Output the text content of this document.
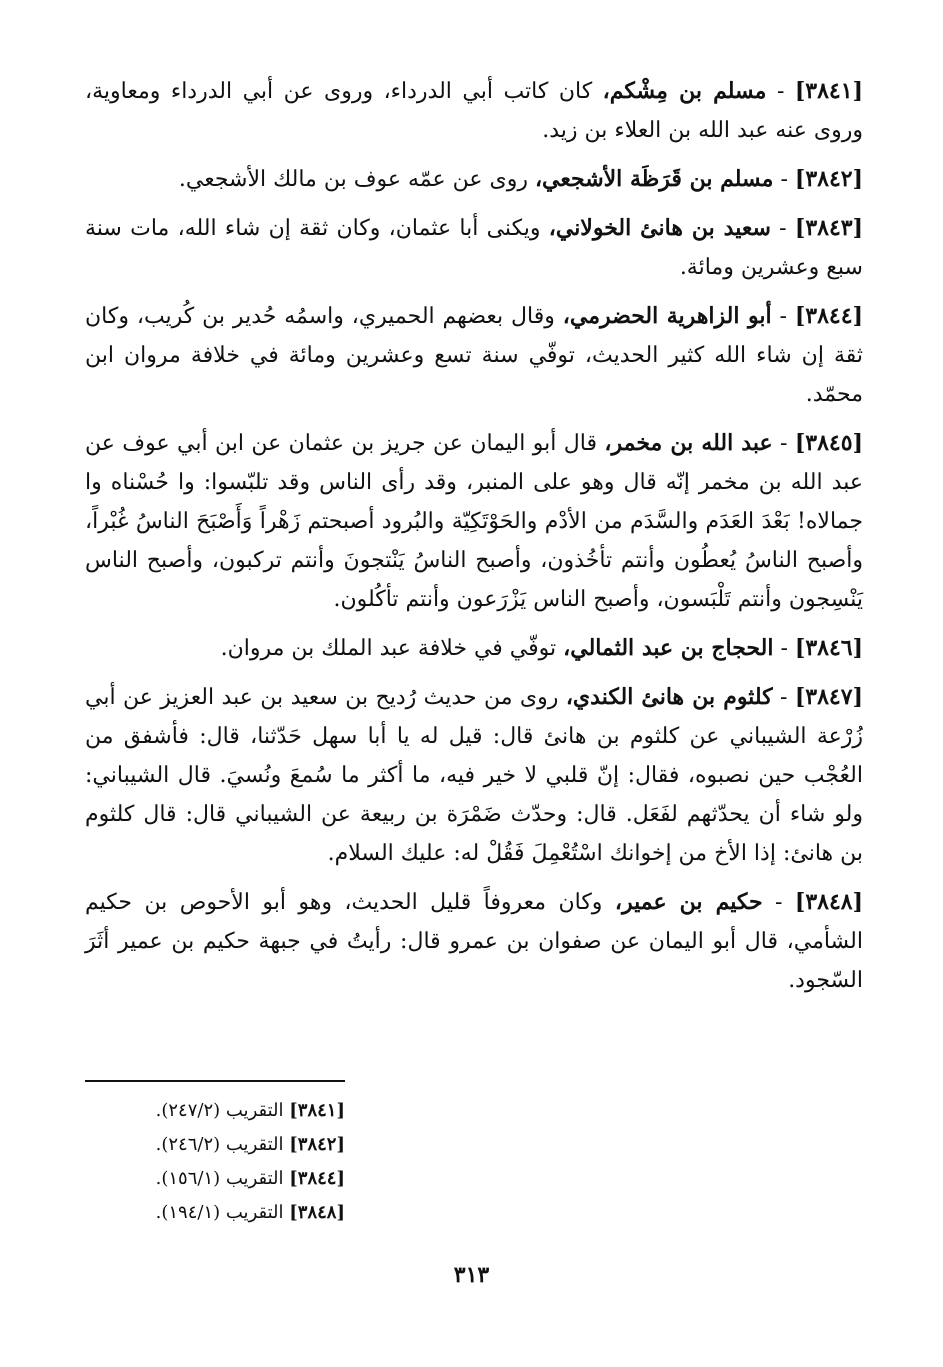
[٣٨٤١] - مسلم بن مِشْكم، كان كاتب أبي الدرداء، وروى عن أبي الدرداء ومعاوية، وروى عنه عبد الله بن العلاء بن زيد.

[٣٨٤٢] - مسلم بن قَرَظَة الأشجعي، روى عن عمّه عوف بن مالك الأشجعي.

[٣٨٤٣] - سعيد بن هانئ الخولاني، ويكنى أبا عثمان، وكان ثقة إن شاء الله، مات سنة سبع وعشرين ومائة.

[٣٨٤٤] - أبو الزاهرية الحضرمي، وقال بعضهم الحميري، واسمُه حُدير بن كُريب، وكان ثقة إن شاء الله كثير الحديث، توفّي سنة تسع وعشرين ومائة في خلافة مروان ابن محمّد.

[٣٨٤٥] - عبد الله بن مخمر، قال أبو اليمان عن جريز بن عثمان عن ابن أبي عوف عن عبد الله بن مخمر إنّه قال وهو على المنبر، وقد رأى الناس وقد تلبّسوا: وا حُسْناه وا جمالاه! بَعْدَ العَدَم والسَّدَم من الأدْم والحَوْتَكِيّة والبُرود أصبحتم زَهْراً وَأَصْبَحَ الناسُ غُبْراً، وأصبح الناسُ يُعطُون وأنتم تأخُذون، وأصبح الناسُ يَنْتجونَ وأنتم تركبون، وأصبح الناس يَنْسِجون وأنتم تَلْبَسون، وأصبح الناس يَزْرَعون وأنتم تأكُلون.

[٣٨٤٦] - الحجاج بن عبد الثمالي، توفّي في خلافة عبد الملك بن مروان.

[٣٨٤٧] - كلثوم بن هانئ الكندي، روى من حديث رُديح بن سعيد بن عبد العزيز عن أبي زُرْعة الشيباني عن كلثوم بن هانئ قال: قيل له يا أبا سهل حَدّثنا، قال: فأشفق من العُجْب حين نصبوه، فقال: إنّ قلبي لا خير فيه، ما أكثر ما سُمعَ ونُسيَ. قال الشيباني: ولو شاء أن يحدّثهم لفَعَل. قال: وحدّث ضَمْرَة بن ربيعة عن الشيباني قال: قال كلثوم بن هانئ: إذا الأخ من إخوانك اسْتُعْمِلَ فَقُلْ له: عليك السلام.

[٣٨٤٨] - حكيم بن عمير، وكان معروفاً قليل الحديث، وهو أبو الأحوص بن حكيم الشأمي، قال أبو اليمان عن صفوان بن عمرو قال: رأيتُ في جبهة حكيم بن عمير أثَرَ السّجود.

[٣٨٤١] التقريب (٢٤٧/٢).
[٣٨٤٢] التقريب (٢٤٦/٢).
[٣٨٤٤] التقريب (١٥٦/١).
[٣٨٤٨] التقريب (١٩٤/١).
٣١٣
